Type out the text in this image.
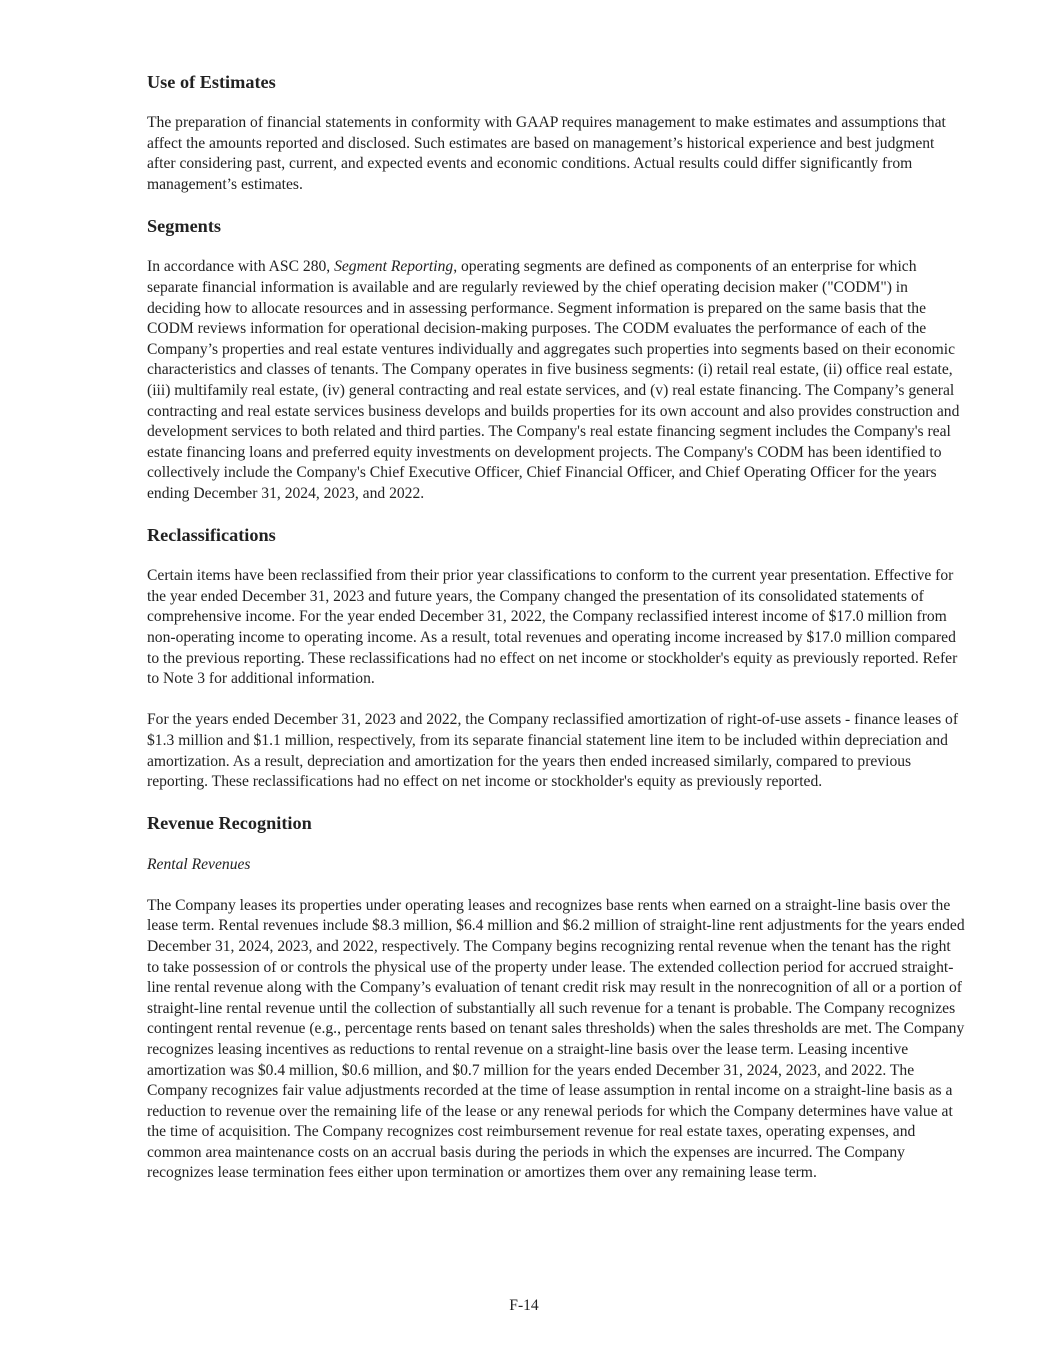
Use of Estimates

The preparation of financial statements in conformity with GAAP requires management to make estimates and assumptions that affect the amounts reported and disclosed. Such estimates are based on management’s historical experience and best judgment after considering past, current, and expected events and economic conditions. Actual results could differ significantly from management’s estimates.

Segments

In accordance with ASC 280, Segment Reporting, operating segments are defined as components of an enterprise for which separate financial information is available and are regularly reviewed by the chief operating decision maker ("CODM") in deciding how to allocate resources and in assessing performance. Segment information is prepared on the same basis that the CODM reviews information for operational decision-making purposes. The CODM evaluates the performance of each of the Company’s properties and real estate ventures individually and aggregates such properties into segments based on their economic characteristics and classes of tenants. The Company operates in five business segments: (i) retail real estate, (ii) office real estate, (iii) multifamily real estate, (iv) general contracting and real estate services, and (v) real estate financing. The Company’s general contracting and real estate services business develops and builds properties for its own account and also provides construction and development services to both related and third parties. The Company's real estate financing segment includes the Company's real estate financing loans and preferred equity investments on development projects. The Company's CODM has been identified to collectively include the Company's Chief Executive Officer, Chief Financial Officer, and Chief Operating Officer for the years ending December 31, 2024, 2023, and 2022.

Reclassifications

Certain items have been reclassified from their prior year classifications to conform to the current year presentation. Effective for the year ended December 31, 2023 and future years, the Company changed the presentation of its consolidated statements of comprehensive income. For the year ended December 31, 2022, the Company reclassified interest income of $17.0 million from non-operating income to operating income. As a result, total revenues and operating income increased by $17.0 million compared to the previous reporting. These reclassifications had no effect on net income or stockholder's equity as previously reported. Refer to Note 3 for additional information.

For the years ended December 31, 2023 and 2022, the Company reclassified amortization of right-of-use assets - finance leases of $1.3 million and $1.1 million, respectively, from its separate financial statement line item to be included within depreciation and amortization. As a result, depreciation and amortization for the years then ended increased similarly, compared to previous reporting. These reclassifications had no effect on net income or stockholder's equity as previously reported.

Revenue Recognition

Rental Revenues

The Company leases its properties under operating leases and recognizes base rents when earned on a straight-line basis over the lease term. Rental revenues include $8.3 million, $6.4 million and $6.2 million of straight-line rent adjustments for the years ended December 31, 2024, 2023, and 2022, respectively. The Company begins recognizing rental revenue when the tenant has the right to take possession of or controls the physical use of the property under lease. The extended collection period for accrued straight-line rental revenue along with the Company’s evaluation of tenant credit risk may result in the nonrecognition of all or a portion of straight-line rental revenue until the collection of substantially all such revenue for a tenant is probable. The Company recognizes contingent rental revenue (e.g., percentage rents based on tenant sales thresholds) when the sales thresholds are met. The Company recognizes leasing incentives as reductions to rental revenue on a straight-line basis over the lease term. Leasing incentive amortization was $0.4 million, $0.6 million, and $0.7 million for the years ended December 31, 2024, 2023, and 2022. The Company recognizes fair value adjustments recorded at the time of lease assumption in rental income on a straight-line basis as a reduction to revenue over the remaining life of the lease or any renewal periods for which the Company determines have value at the time of acquisition. The Company recognizes cost reimbursement revenue for real estate taxes, operating expenses, and common area maintenance costs on an accrual basis during the periods in which the expenses are incurred. The Company recognizes lease termination fees either upon termination or amortizes them over any remaining lease term.

F-14
